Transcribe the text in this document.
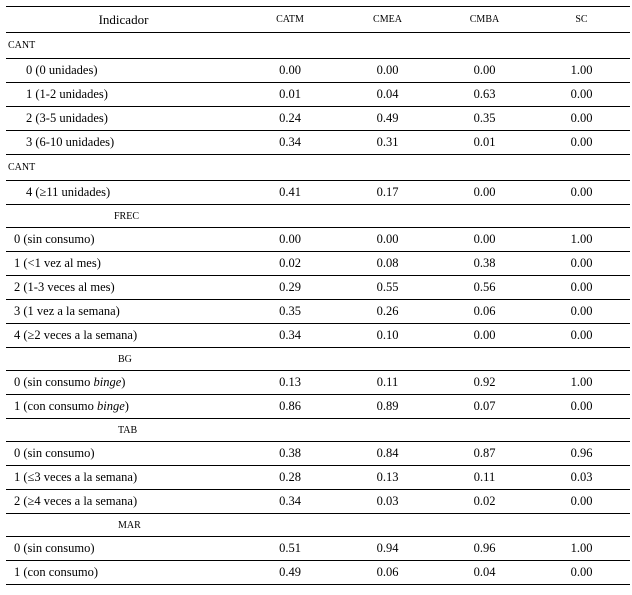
Indicador	CATM	CMEA	CMBA	SC
CANT				
0 (0 unidades)	0.00	0.00	0.00	1.00
1 (1-2 unidades)	0.01	0.04	0.63	0.00
2 (3-5 unidades)	0.24	0.49	0.35	0.00
3 (6-10 unidades)	0.34	0.31	0.01	0.00
CANT				
4 (≥11 unidades)	0.41	0.17	0.00	0.00
FREC				
0 (sin consumo)	0.00	0.00	0.00	1.00
1 (<1 vez al mes)	0.02	0.08	0.38	0.00
2 (1-3 veces al mes)	0.29	0.55	0.56	0.00
3 (1 vez a la semana)	0.35	0.26	0.06	0.00
4 (≥2 veces a la semana)	0.34	0.10	0.00	0.00
BG				
0 (sin consumo binge)	0.13	0.11	0.92	1.00
1 (con consumo binge)	0.86	0.89	0.07	0.00
TAB				
0 (sin consumo)	0.38	0.84	0.87	0.96
1 (≤3 veces a la semana)	0.28	0.13	0.11	0.03
2 (≥4 veces a la semana)	0.34	0.03	0.02	0.00
MAR				
0 (sin consumo)	0.51	0.94	0.96	1.00
1 (con consumo)	0.49	0.06	0.04	0.00
